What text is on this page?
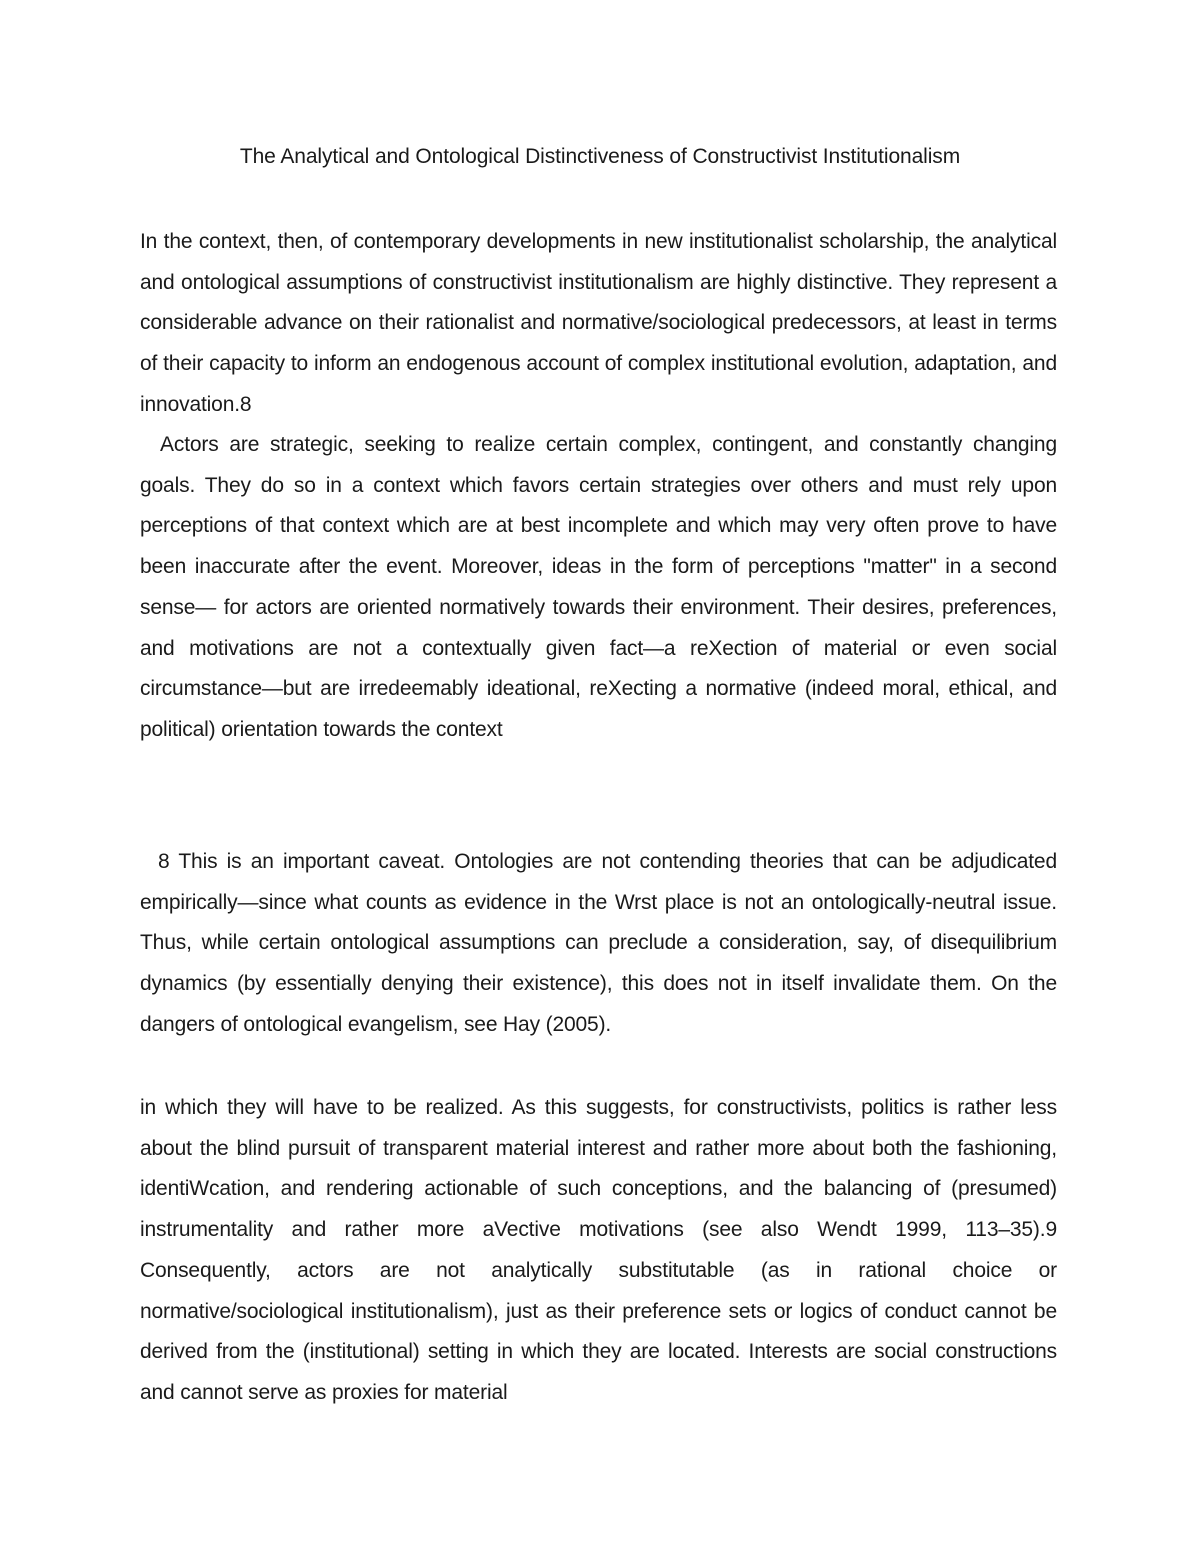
The Analytical and Ontological Distinctiveness of Constructivist Institutionalism

In the context, then, of contemporary developments in new institutionalist scholarship, the analytical and ontological assumptions of constructivist institutionalism are highly distinctive. They represent a considerable advance on their rationalist and normative/sociological predecessors, at least in terms of their capacity to inform an endogenous account of complex institutional evolution, adaptation, and innovation.8

Actors are strategic, seeking to realize certain complex, contingent, and constantly changing goals. They do so in a context which favors certain strategies over others and must rely upon perceptions of that context which are at best incomplete and which may very often prove to have been inaccurate after the event. Moreover, ideas in the form of perceptions "matter" in a second sense— for actors are oriented normatively towards their environment. Their desires, preferences, and motivations are not a contextually given fact—a reXection of material or even social circumstance—but are irredeemably ideational, reXecting a normative (indeed moral, ethical, and political) orientation towards the context

8 This is an important caveat. Ontologies are not contending theories that can be adjudicated empirically—since what counts as evidence in the Wrst place is not an ontologically-neutral issue. Thus, while certain ontological assumptions can preclude a consideration, say, of disequilibrium dynamics (by essentially denying their existence), this does not in itself invalidate them. On the dangers of ontological evangelism, see Hay (2005).

in which they will have to be realized. As this suggests, for constructivists, politics is rather less about the blind pursuit of transparent material interest and rather more about both the fashioning, identiWcation, and rendering actionable of such conceptions, and the balancing of (presumed) instrumentality and rather more aVective motivations (see also Wendt 1999, 113–35).9 Consequently, actors are not analytically substitutable (as in rational choice or normative/sociological institutionalism), just as their preference sets or logics of conduct cannot be derived from the (institutional) setting in which they are located. Interests are social constructions and cannot serve as proxies for material
